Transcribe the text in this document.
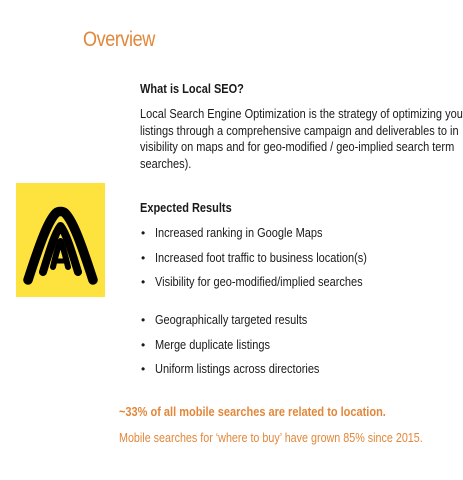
Overview
What is Local SEO?
Local Search Engine Optimization is the strategy of optimizing you
listings through a comprehensive campaign and deliverables to in
visibility on maps and for geo-modified / geo-implied search term
searches).
Expected Results
• Increased ranking in Google Maps
• Increased foot traffic to business location(s)
• Visibility for geo-modified/implied searches
• Geographically targeted results
• Merge duplicate listings
• Uniform listings across directories
~33% of all mobile searches are related to location.
Mobile searches for ‘where to buy’ have grown 85% since 2015.
